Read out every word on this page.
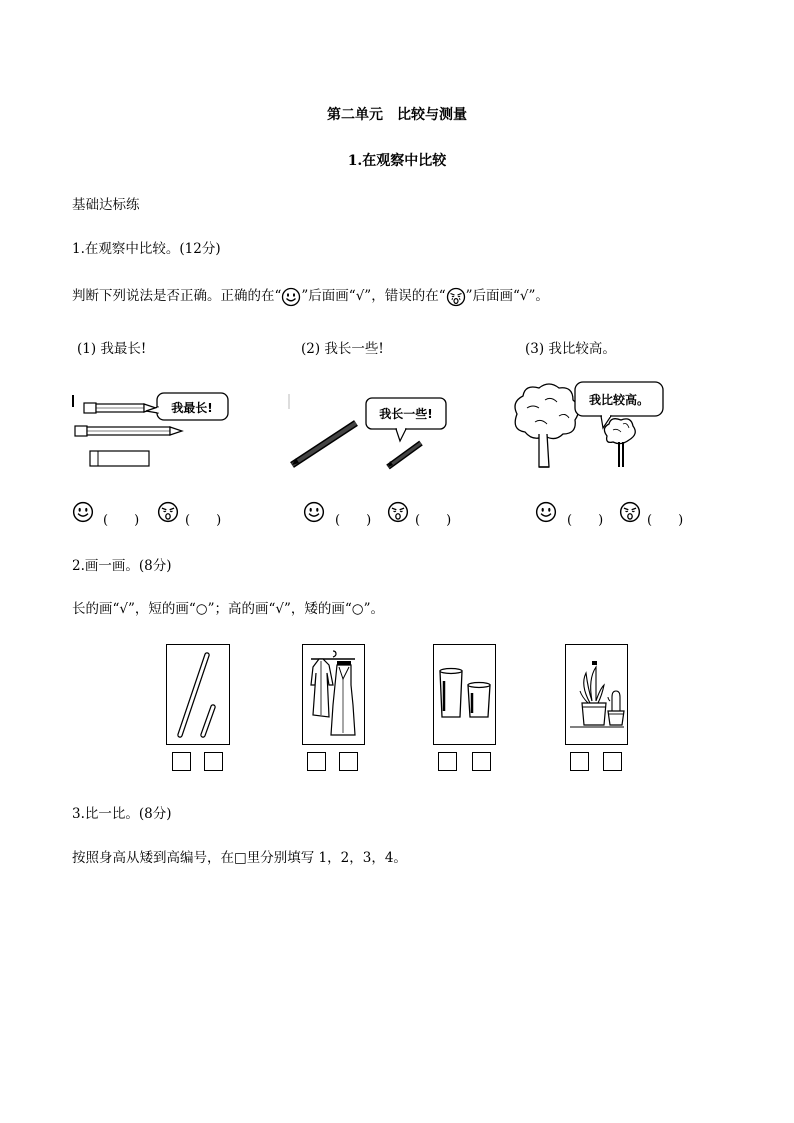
第二单元　比较与测量
1.在观察中比较
基础达标练
1.在观察中比较。(12分)
判断下列说法是否正确。正确的在“ ”后面画“√”，错误的在“ ”后面画“√”。
(1) 我最长!	(2) 我长一些!	(3) 我比较高。
我最长!	我长一些!
我比较高。
(　　)	(　　)	(　　)	(　　)	(　　)	(　　)
2.画一画。(8分)
长的画“√”，短的画“○”；高的画“√”，矮的画“○”。
3.比一比。(8分)
按照身高从矮到高编号，在□里分别填写 1，2，3，4。
